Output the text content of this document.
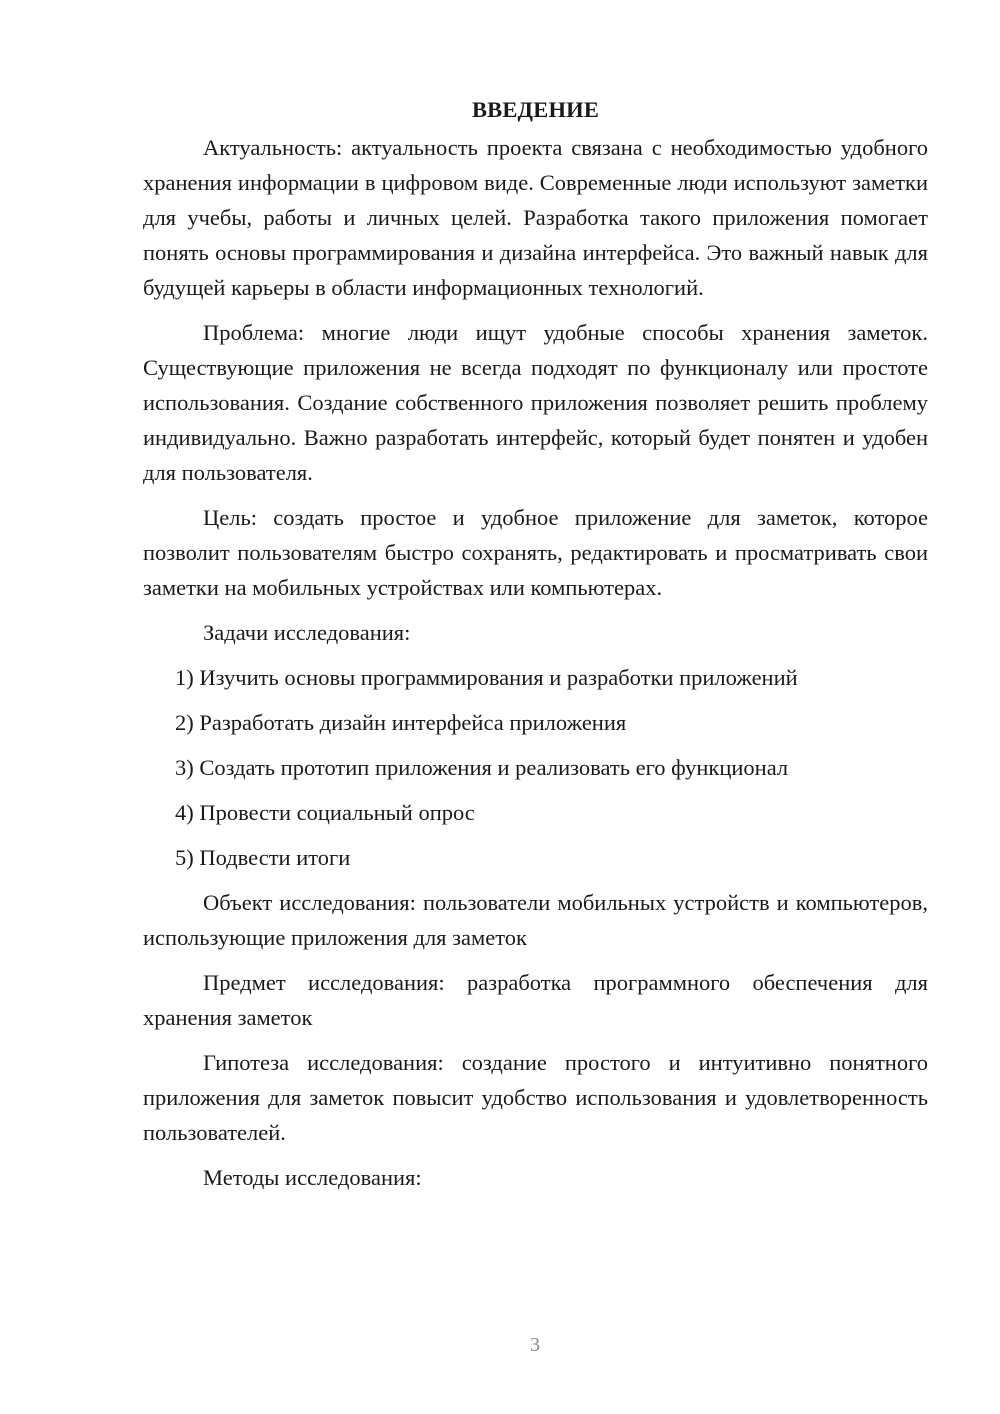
ВВЕДЕНИЕ

Актуальность: актуальность проекта связана с необходимостью удобного хранения информации в цифровом виде. Современные люди используют заметки для учебы, работы и личных целей. Разработка такого приложения помогает понять основы программирования и дизайна интерфейса. Это важный навык для будущей карьеры в области информационных технологий.

Проблема: многие люди ищут удобные способы хранения заметок. Существующие приложения не всегда подходят по функционалу или простоте использования. Создание собственного приложения позволяет решить проблему индивидуально. Важно разработать интерфейс, который будет понятен и удобен для пользователя.

Цель: создать простое и удобное приложение для заметок, которое позволит пользователям быстро сохранять, редактировать и просматривать свои заметки на мобильных устройствах или компьютерах.

Задачи исследования:

1) Изучить основы программирования и разработки приложений
2) Разработать дизайн интерфейса приложения
3) Создать прототип приложения и реализовать его функционал
4) Провести социальный опрос
5) Подвести итоги

Объект исследования: пользователи мобильных устройств и компьютеров, использующие приложения для заметок

Предмет исследования: разработка программного обеспечения для хранения заметок

Гипотеза исследования: создание простого и интуитивно понятного приложения для заметок повысит удобство использования и удовлетворенность пользователей.

Методы исследования:

3
